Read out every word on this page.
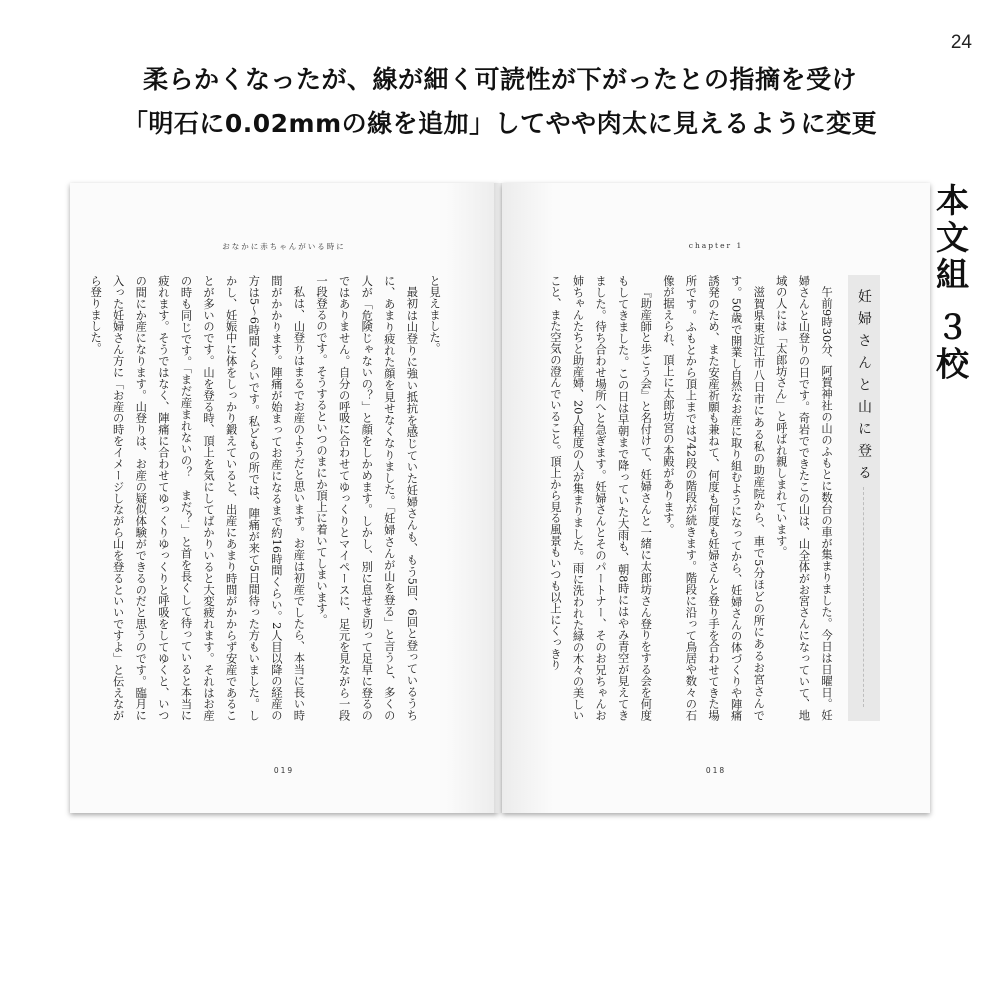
24
柔らかくなったが、線が細く可読性が下がったとの指摘を受け
「明石に0.02mmの線を追加」してやや肉太に見えるように変更
本文組 ３校
おなかに赤ちゃんがいる時に

と見えました。

最初は山登りに強い抵抗を感じていた妊婦さんも、もう5回、6回と登っているうちに、あまり疲れた顔を見せなくなりました。「妊婦さんが山を登る」と言うと、多くの人が「危険じゃないの？」と顔をしかめます。しかし、別に息せき切って足早に登るのではありません。自分の呼吸に合わせてゆっくりとマイペースに、足元を見ながら一段一段登るのです。そうするといつのまにか頂上に着いてしまいます。

私は、山登りはまるでお産のようだと思います。お産は初産でしたら、本当に長い時間がかかります。陣痛が始まってお産になるまで約16時間くらい。2人目以降の経産の方は5〜6時間くらいです。私どもの所では、陣痛が来て5日間待った方もいました。しかし、妊娠中に体をしっかり鍛えていると、出産にあまり時間がかからず安産であることが多いのです。山を登る時、頂上を気にしてばかりいると大変疲れます。それはお産の時も同じです。「まだ産まれないの？　まだ？」と首を長くして待っていると本当に疲れます。そうではなく、陣痛に合わせてゆっくりゆっくりと呼吸をしてゆくと、いつの間にか産になります。山登りは、お産の疑似体験ができるのだと思うのです。臨月に入った妊婦さん方に「お産の時をイメージしながら山を登るといいですよ」と伝えながら登りました。

019
chapter 1
妊婦さんと山に登る

午前9時30分、阿賀神社の山のふもとに数台の車が集まりました。今日は日曜日。妊婦さんと山登りの日です。奇岩でできたこの山は、山全体がお宮さんになっていて、地域の人には「太郎坊さん」と呼ばれ親しまれています。

滋賀県東近江市八日市にある私の助産院から、車で5分ほどの所にあるお宮さんです。50歳で開業し自然なお産に取り組むようになってから、妊婦さんの体づくりや陣痛誘発のため、また安産祈願も兼ねて、何度も何度も妊婦さんと登り手を合わせてきた場所です。ふもとから頂上までは742段の階段が続きます。階段に沿って鳥居や数々の石像が据えられ、頂上に太郎坊宮の本殿があります。

『助産師と歩こう会』と名付けて、妊婦さんと一緒に太郎坊さん登りをする会を何度もしてきました。この日は早朝まで降っていた大雨も、朝8時にはやみ青空が見えてきました。待ち合わせ場所へと急ぎます。妊婦さんとそのパートナー、そのお兄ちゃんお姉ちゃんたちと助産婦、20人程度の人が集まりました。雨に洗われた緑の木々の美しいこと、また空気の澄んでいること。頂上から見る風景もいつも以上にくっきり

018
